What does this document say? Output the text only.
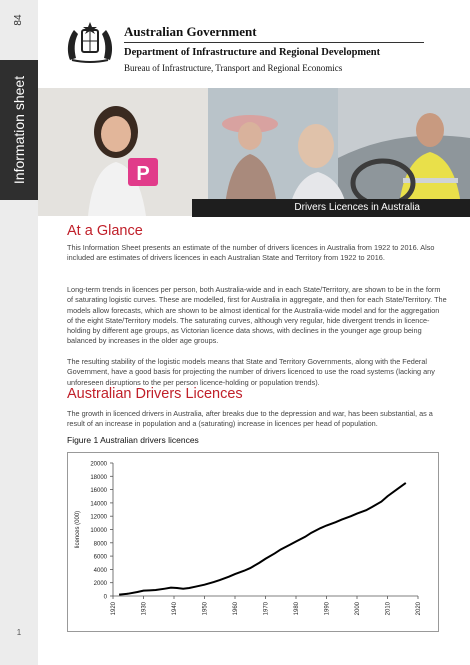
84
Information sheet
1
Australian Government
Department of Infrastructure and Regional Development
Bureau of Infrastructure, Transport and Regional Economics
P
Drivers Licences in Australia
At a Glance

This Information Sheet presents an estimate of the number of drivers licences in Australia from 1922 to 2016. Also included are estimates of drivers licences in each Australian State and Territory from 1922 to 2016.

Long-term trends in licences per person, both Australia-wide and in each State/Territory, are shown to be in the form of saturating logistic curves. These are modelled, first for Australia in aggregate, and then for each State/Territory. The models allow forecasts, which are shown to be almost identical for the Australia-wide model and for the aggregation of the eight State/Territory models. The saturating curves, although very regular, hide divergent trends in licence-holding by different age groups, as Victorian licence data shows, with declines in the younger age group being balanced by increases in the older age groups.

The resulting stability of the logistic models means that State and Territory Governments, along with the Federal Government, have a good basis for projecting the number of drivers licenced to use the road systems (lacking any unforeseen disruptions to the per person licence-holding or population trends).

Australian Drivers Licences

The growth in licenced drivers in Australia, after breaks due to the depression and war, has been substantial, as a result of an increase in population and a (saturating) increase in licences per head of population.

Figure 1 Australian drivers licences
0
2000
4000
6000
8000
10000
12000
14000
16000
18000
20000
1920	1930	1940	1950	1960	1970	1980	1990	2000	2010	2020
licences (000)
